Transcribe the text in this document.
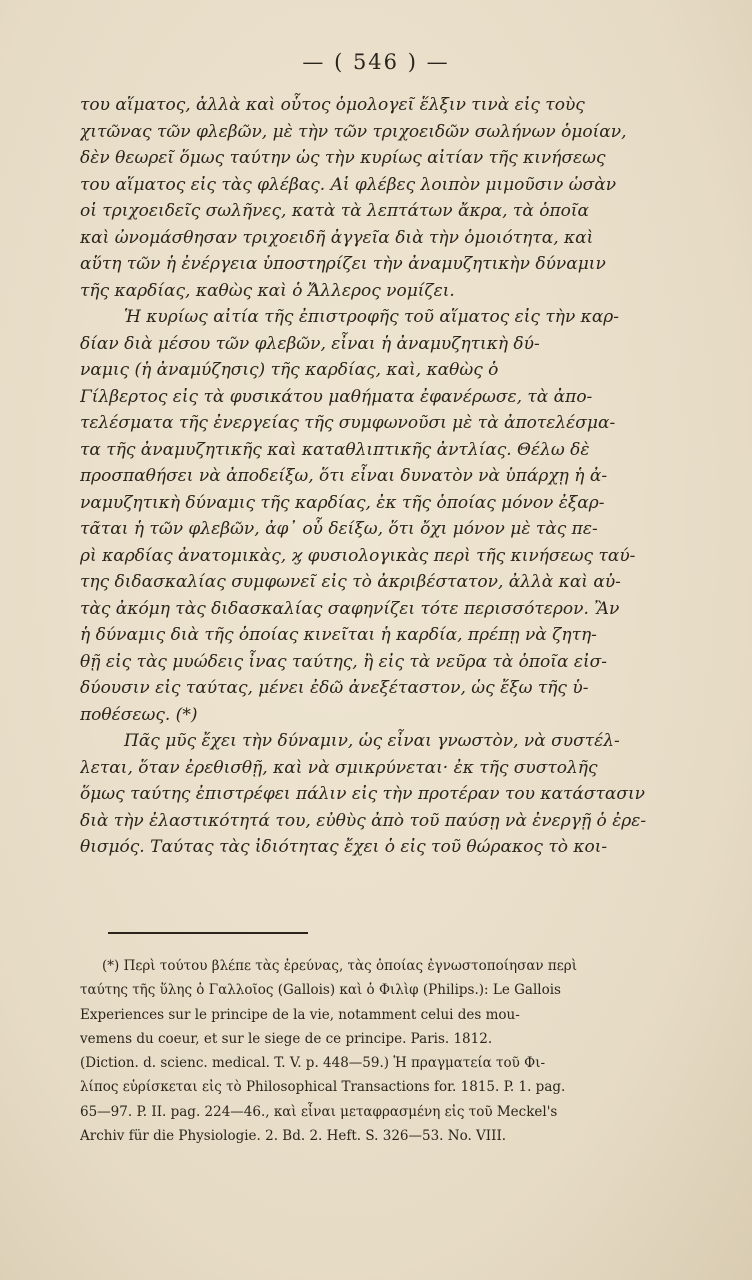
— ( 546 ) —
του αἵματος, ἀλλὰ καὶ οὗτος ὁμολογεῖ ἕλξιν τινὰ εἰς τοὺς
χιτῶνας τῶν φλεβῶν, μὲ τὴν τῶν τριχοειδῶν σωλήνων ὁμοίαν,
δὲν θεωρεῖ ὅμως ταύτην ὡς τὴν κυρίως αἰτίαν τῆς κινήσεως
του αἵματος εἰς τὰς φλέβας. Αἱ φλέβες λοιπὸν μιμοῦσιν ὡσὰν
οἱ τριχοειδεῖς σωλῆνες, κατὰ τὰ λεπτάτων ἄκρα, τὰ ὁποῖα
καὶ ὠνομάσθησαν τριχοειδῆ ἀγγεῖα διὰ τὴν ὁμοιότητα, καὶ
αὕτη τῶν ἡ ἐνέργεια ὑποστηρίζει τὴν ἀναμυζητικὴν δύναμιν
τῆς καρδίας, καθὼς καὶ ὁ Ἄλλερος νομίζει.
Ἡ κυρίως αἰτία τῆς ἐπιστροφῆς τοῦ αἵματος εἰς τὴν καρ-
δίαν διὰ μέσου τῶν φλεβῶν, εἶναι ἡ ἀναμυζητικὴ δύ-
ναμις (ἡ ἀναμύζησις) τῆς καρδίας, καὶ, καθὼς ὁ
Γίλβερτος εἰς τὰ φυσικάτου μαθήματα ἐφανέρωσε, τὰ ἀπο-
τελέσματα τῆς ἐνεργείας τῆς συμφωνοῦσι μὲ τὰ ἀποτελέσμα-
τα τῆς ἀναμυζητικῆς καὶ καταθλιπτικῆς ἀντλίας. Θέλω δὲ
προσπαθήσει νὰ ἀποδείξω, ὅτι εἶναι δυνατὸν νὰ ὑπάρχῃ ἡ ἀ-
ναμυζητικὴ δύναμις τῆς καρδίας, ἐκ τῆς ὁποίας μόνον ἐξαρ-
τᾶται ἡ τῶν φλεβῶν, ἀφ᾽ οὗ δείξω, ὅτι ὄχι μόνον μὲ τὰς πε-
ρὶ καρδίας ἀνατομικὰς, ϗ φυσιολογικὰς περὶ τῆς κινήσεως ταύ-
της διδασκαλίας συμφωνεῖ εἰς τὸ ἀκριβέστατον, ἀλλὰ καὶ αὐ-
τὰς ἀκόμη τὰς διδασκαλίας σαφηνίζει τότε περισσότερον. Ἂν
ἡ δύναμις διὰ τῆς ὁποίας κινεῖται ἡ καρδία, πρέπῃ νὰ ζητη-
θῇ εἰς τὰς μυώδεις ἶνας ταύτης, ἢ εἰς τὰ νεῦρα τὰ ὁποῖα εἰσ-
δύουσιν εἰς ταύτας, μένει ἐδῶ ἀνεξέταστον, ὡς ἔξω τῆς ὑ-
ποθέσεως. (*)
Πᾶς μῦς ἔχει τὴν δύναμιν, ὡς εἶναι γνωστὸν, νὰ συστέλ-
λεται, ὅταν ἐρεθισθῇ, καὶ νὰ σμικρύνεται· ἐκ τῆς συστολῆς
ὅμως ταύτης ἐπιστρέφει πάλιν εἰς τὴν προτέραν του κατάστασιν
διὰ τὴν ἐλαστικότητά του, εὐθὺς ἀπὸ τοῦ παύσῃ νὰ ἐνεργῇ ὁ ἐρε-
θισμός. Ταύτας τὰς ἰδιότητας ἔχει ὁ εἰς τοῦ θώρακος τὸ κοι-
(*) Περὶ τούτου βλέπε τὰς ἐρεύνας, τὰς ὁποίας ἐγνωστοποίησαν περὶ
ταύτης τῆς ὕλης ὁ Γαλλοῖος (Gallois) καὶ ὁ Φιλὶφ (Philips.): Le Gallois
Experiences sur le principe de la vie, notamment celui des mou-
vemens du coeur, et sur le siege de ce principe. Paris. 1812.
(Diction. d. scienc. medical. T. V. p. 448—59.) Ἡ πραγματεία τοῦ Φι-
λίπος εὑρίσκεται εἰς τὸ Philosophical Transactions for. 1815. P. 1. pag.
65—97. P. II. pag. 224—46., καὶ εἶναι μεταφρασμένη εἰς τοῦ Meckel's
Archiv für die Physiologie. 2. Bd. 2. Heft. S. 326—53. No. VIII.
